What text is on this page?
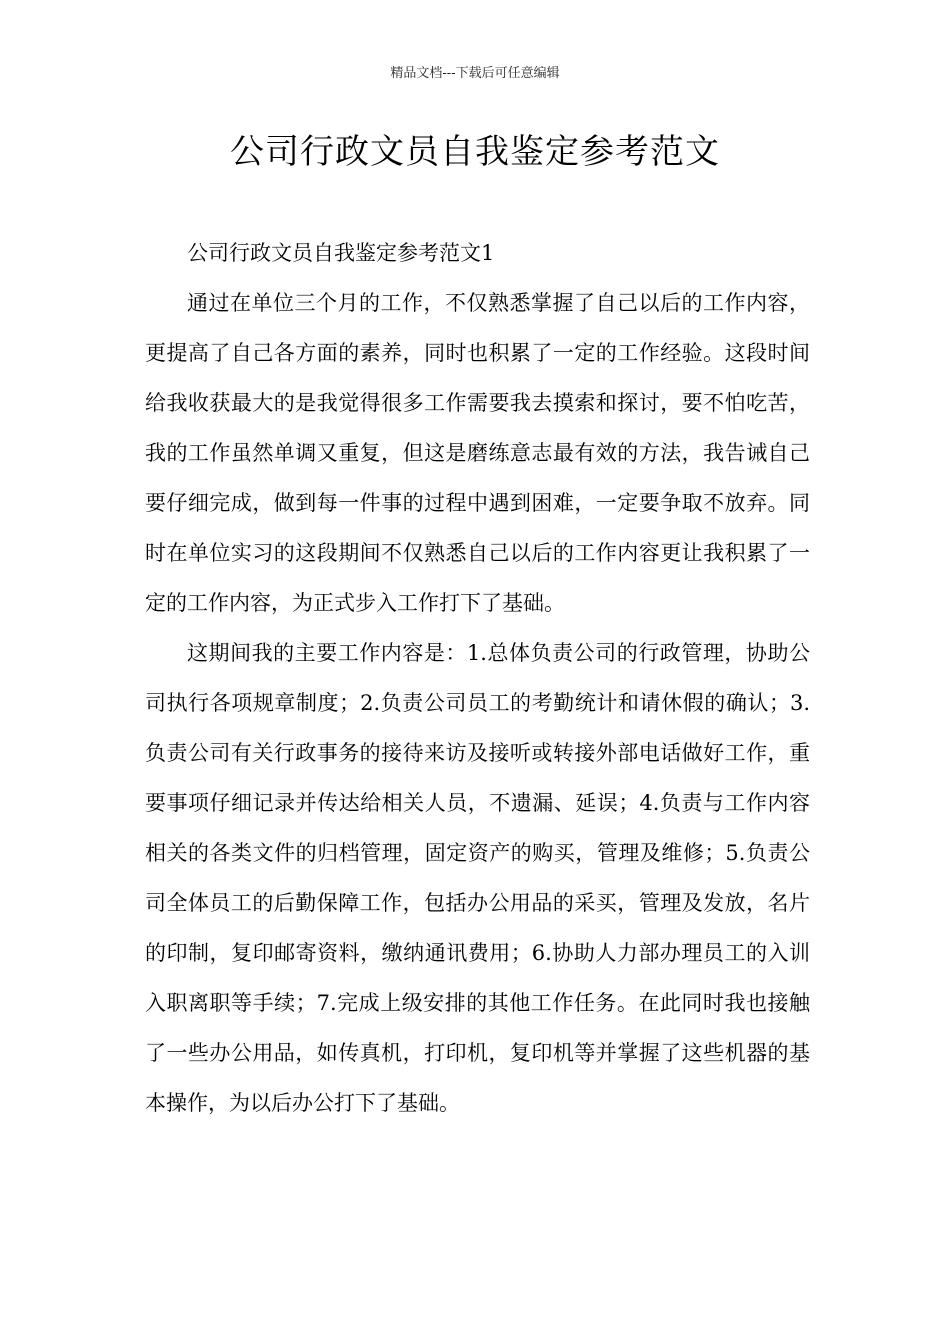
精品文档---下载后可任意编辑
公司行政文员自我鉴定参考范文

公司行政文员自我鉴定参考范文1

通过在单位三个月的工作，不仅熟悉掌握了自己以后的工作内容，更提高了自己各方面的素养，同时也积累了一定的工作经验。这段时间给我收获最大的是我觉得很多工作需要我去摸索和探讨，要不怕吃苦，我的工作虽然单调又重复，但这是磨练意志最有效的方法，我告诫自己要仔细完成，做到每一件事的过程中遇到困难，一定要争取不放弃。同时在单位实习的这段期间不仅熟悉自己以后的工作内容更让我积累了一定的工作内容，为正式步入工作打下了基础。

这期间我的主要工作内容是：1.总体负责公司的行政管理，协助公司执行各项规章制度；2.负责公司员工的考勤统计和请休假的确认；3.负责公司有关行政事务的接待来访及接听或转接外部电话做好工作，重要事项仔细记录并传达给相关人员，不遗漏、延误；4.负责与工作内容相关的各类文件的归档管理，固定资产的购买，管理及维修；5.负责公司全体员工的后勤保障工作，包括办公用品的采买，管理及发放，名片的印制，复印邮寄资料，缴纳通讯费用；6.协助人力部办理员工的入训入职离职等手续；7.完成上级安排的其他工作任务。在此同时我也接触了一些办公用品，如传真机，打印机，复印机等并掌握了这些机器的基本操作，为以后办公打下了基础。
